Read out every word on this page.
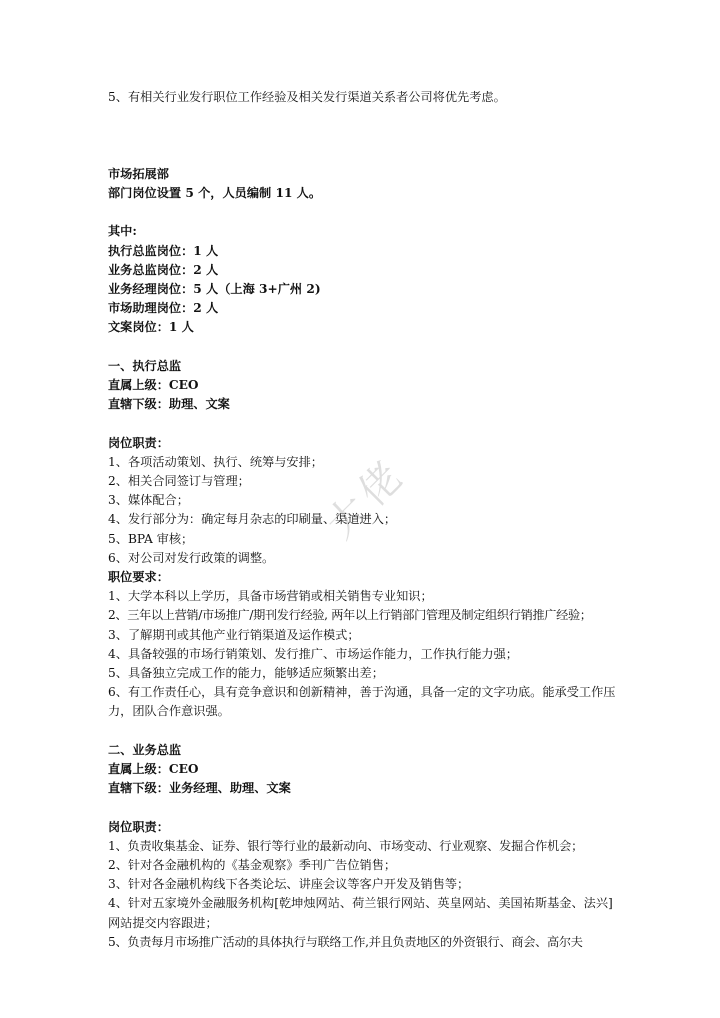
大佬
5、有相关行业发行职位工作经验及相关发行渠道关系者公司将优先考虑。
市场拓展部
部门岗位设置 5 个，人员编制 11 人。
其中:
执行总监岗位：1 人
业务总监岗位：2 人
业务经理岗位：5 人（上海 3+广州 2)
市场助理岗位：2 人
文案岗位：1 人
一、执行总监
直属上级：CEO
直辖下级：助理、文案
岗位职责：
1、各项活动策划、执行、统筹与安排；
2、相关合同签订与管理；
3、媒体配合；
4、发行部分为：确定每月杂志的印刷量、渠道进入；
5、BPA 审核；
6、对公司对发行政策的调整。
职位要求：
1、大学本科以上学历，具备市场营销或相关销售专业知识；
2、三年以上营销/市场推广/期刊发行经验, 两年以上行销部门管理及制定组织行销推广经验；
3、了解期刊或其他产业行销渠道及运作模式；
4、具备较强的市场行销策划、发行推广、市场运作能力，工作执行能力强；
5、具备独立完成工作的能力，能够适应频繁出差；
6、有工作责任心，具有竞争意识和创新精神，善于沟通，具备一定的文字功底。能承受工作压力，团队合作意识强。
二、业务总监
直属上级：CEO
直辖下级：业务经理、助理、文案
岗位职责：
1、负责收集基金、证券、银行等行业的最新动向、市场变动、行业观察、发掘合作机会；
2、针对各金融机构的《基金观察》季刊广告位销售；
3、针对各金融机构线下各类论坛、讲座会议等客户开发及销售等；
4、针对五家境外金融服务机构[乾坤烛网站、荷兰银行网站、英皇网站、美国祐斯基金、法兴]网站提交内容跟进；
5、负责每月市场推广活动的具体执行与联络工作,并且负责地区的外资银行、商会、高尔夫
